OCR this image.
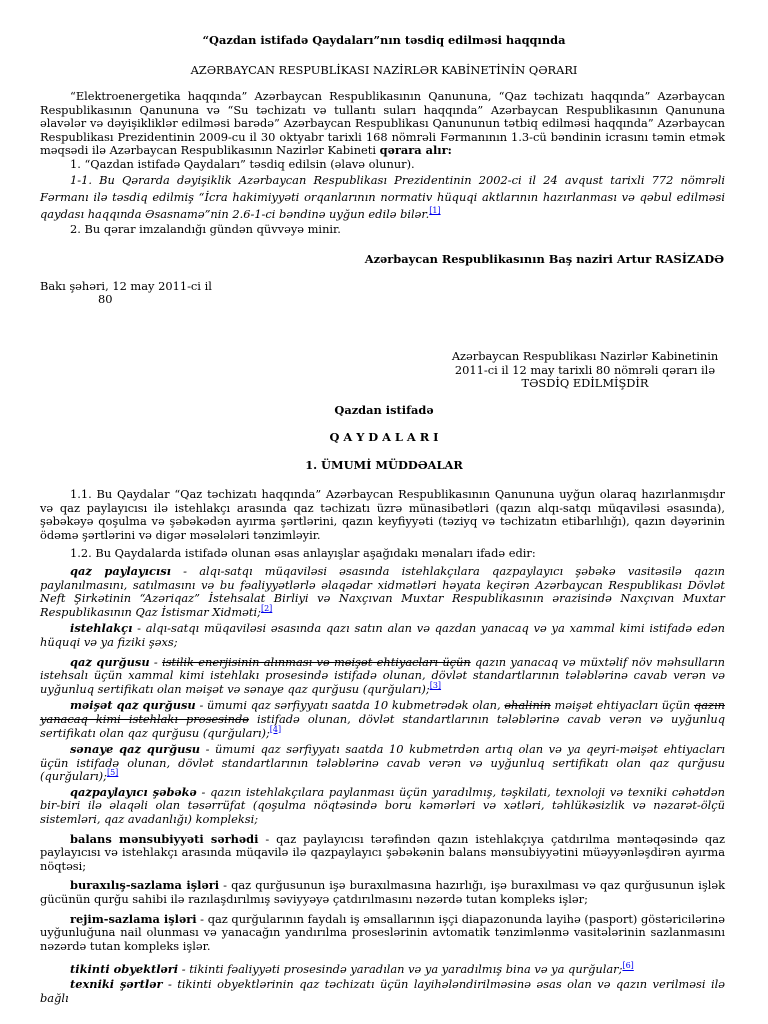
“Qazdan istifadə Qaydaları”nın təsdiq edilməsi haqqında
AZƏRBAYCAN RESPUBLİKASI NAZİRLƏR KABİNETİNİN QƏRARI

“Elektroenergetika haqqında” Azərbaycan Respublikasının Qanununa, “Qaz təchizatı haqqında” Azərbaycan Respublikasının Qanununa və “Su təchizatı və tullantı suları haqqında” Azərbaycan Respublikasının Qanununa əlavələr və dəyişikliklər edilməsi barədə” Azərbaycan Respublikası Qanununun tətbiq edilməsi haqqında” Azərbaycan Respublikası Prezidentinin 2009-cu il 30 oktyabr tarixli 168 nömrəli Fərmanının 1.3-cü bəndinin icrasını təmin etmək məqsədi ilə Azərbaycan Respublikasının Nazirlər Kabineti qərara alır:

1. “Qazdan istifadə Qaydaları” təsdiq edilsin (əlavə olunur).

1-1. Bu Qərarda dəyişiklik Azərbaycan Respublikası Prezidentinin 2002-ci il 24 avqust tarixli 772 nömrəli Fərmanı ilə təsdiq edilmiş “İcra hakimiyyəti orqanlarının normativ hüquqi aktlarının hazırlanması və qəbul edilməsi qaydası haqqında Əsasnamə”nin 2.6-1-ci bəndinə uyğun edilə bilər.[1]

2. Bu qərar imzalandığı gündən qüvvəyə minir.

Azərbaycan Respublikasının Baş naziri Artur RASİZADƏ
Bakı şəhəri, 12 may 2011-ci il
80
Azərbaycan Respublikası Nazirlər Kabinetinin
2011-ci il 12 may tarixli 80 nömrəli qərarı ilə
TƏSDİQ EDİLMİŞDİR
Qazdan istifadə
Q A Y D A L A R I
1. ÜMUMİ MÜDDƏALAR

1.1. Bu Qaydalar “Qaz təchizatı haqqında” Azərbaycan Respublikasının Qanununa uyğun olaraq hazırlanmışdır və qaz paylayıcısı ilə istehlakçı arasında qaz təchizatı üzrə münasibətləri (qazın alqı-satqı müqaviləsi əsasında), şəbəkəyə qoşulma və şəbəkədən ayırma şərtlərini, qazın keyfiyyəti (təziyq və təchizatın etibarlılığı), qazın dəyərinin ödəmə şərtlərini və digər məsələləri tənzimləyir.

1.2. Bu Qaydalarda istifadə olunan əsas anlayışlar aşağıdakı mənaları ifadə edir:

qaz paylayıcısı - alqı-satqı müqaviləsi əsasında istehlakçılara qazpaylayıcı şəbəkə vasitəsilə qazın paylanılmasını, satılmasını və bu fəaliyyətlərlə əlaqədar xidmətləri həyata keçirən Azərbaycan Respublikası Dövlət Neft Şirkətinin “Azəriqaz” İstehsalat Birliyi və Naxçıvan Muxtar Respublikasının ərazisində Naxçıvan Muxtar Respublikasının Qaz İstismar Xidməti;[2]

istehlakçı - alqı-satqı müqaviləsi əsasında qazı satın alan və qazdan yanacaq və ya xammal kimi istifadə edən hüquqi və ya fiziki şəxs;

qaz qurğusu - istilik enerjisinin alınması və məişət ehtiyacları üçün qazın yanacaq və müxtəlif növ məhsulların istehsalı üçün xammal kimi istehlakı prosesində istifadə olunan, dövlət standartlarının tələblərinə cavab verən və uyğunluq sertifikatı olan məişət və sənaye qaz qurğusu (qurğuları);[3]

məişət qaz qurğusu - ümumi qaz sərfiyyatı saatda 10 kubmetrədək olan, əhalinin məişət ehtiyacları üçün qazın yanacaq kimi istehlakı prosesində istifadə olunan, dövlət standartlarının tələblərinə cavab verən və uyğunluq sertifikatı olan qaz qurğusu (qurğuları);[4]

sənaye qaz qurğusu - ümumi qaz sərfiyyatı saatda 10 kubmetrdən artıq olan və ya qeyri-məişət ehtiyacları üçün istifadə olunan, dövlət standartlarının tələblərinə cavab verən və uyğunluq sertifikatı olan qaz qurğusu (qurğuları);[5]

qazpaylayıcı şəbəkə - qazın istehlakçılara paylanması üçün yaradılmış, təşkilati, texnoloji və texniki cəhətdən bir-biri ilə əlaqəli olan təsərrüfat (qoşulma nöqtəsində boru kəmərləri və xətləri, təhlükəsizlik və nəzarət-ölçü sistemləri, qaz avadanlığı) kompleksi;

balans mənsubiyyəti sərhədi - qaz paylayıcısı tərəfindən qazın istehlakçıya çatdırılma məntəqəsində qaz paylayıcısı və istehlakçı arasında müqavilə ilə qazpaylayıcı şəbəkənin balans mənsubiyyətini müəyyənləşdirən ayırma nöqtəsi;

buraxılış-sazlama işləri - qaz qurğusunun işə buraxılmasına hazırlığı, işə buraxılması və qaz qurğusunun işlək gücünün qurğu sahibi ilə razılaşdırılmış səviyyəyə çatdırılmasını nəzərdə tutan kompleks işlər;

rejim-sazlama işləri - qaz qurğularının faydalı iş əmsallarının işçi diapazonunda layihə (pasport) göstəricilərinə uyğunluğuna nail olunması və yanacağın yandırılma proseslərinin avtomatik tənzimlənmə vasitələrinin sazlanmasını nəzərdə tutan kompleks işlər.

tikinti obyektləri - tikinti fəaliyyəti prosesində yaradılan və ya yaradılmış bina və ya qurğular;[6]

texniki şərtlər - tikinti obyektlərinin qaz təchizatı üçün layihələndirilməsinə əsas olan və qazın verilməsi ilə bağlı
